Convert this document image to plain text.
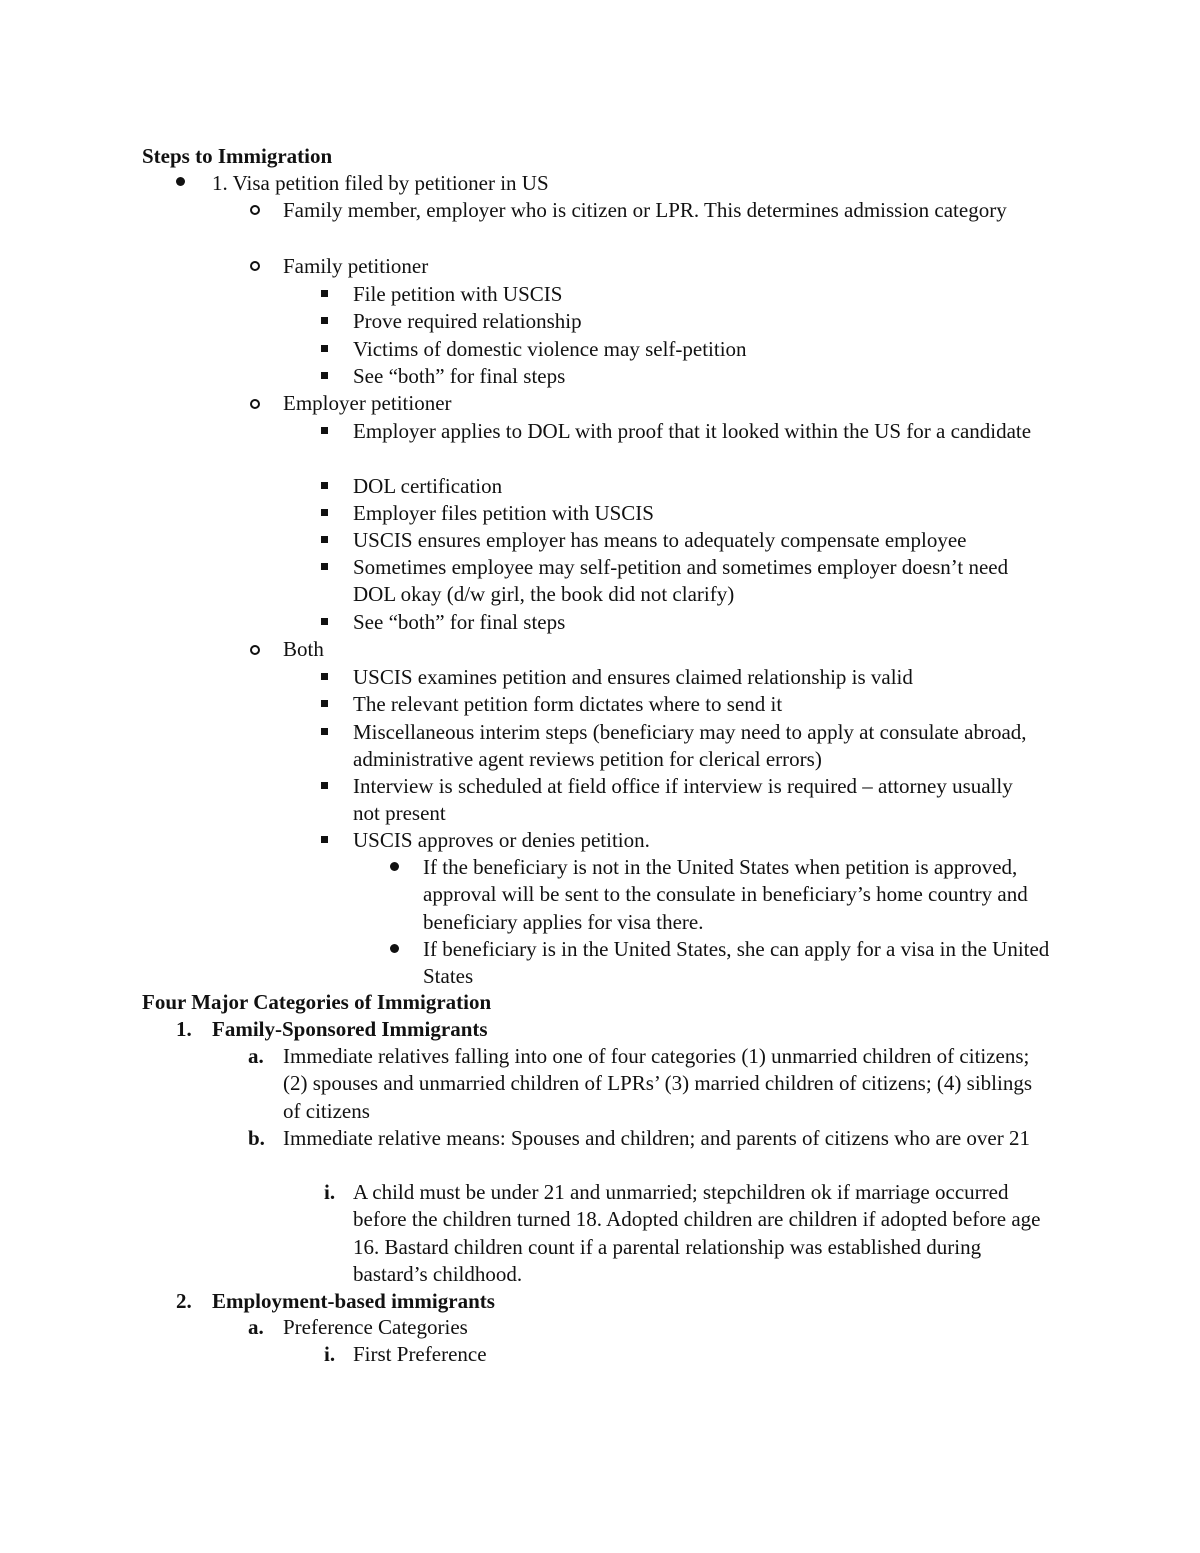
Steps to Immigration
1. Visa petition filed by petitioner in US
Family member, employer who is citizen or LPR. This determines admission category
Family petitioner
File petition with USCIS
Prove required relationship
Victims of domestic violence may self-petition
See “both” for final steps
Employer petitioner
Employer applies to DOL with proof that it looked within the US for a candidate
DOL certification
Employer files petition with USCIS
USCIS ensures employer has means to adequately compensate employee
Sometimes employee may self-petition and sometimes employer doesn’t need DOL okay (d/w girl, the book did not clarify)
See “both” for final steps
Both
USCIS examines petition and ensures claimed relationship is valid
The relevant petition form dictates where to send it
Miscellaneous interim steps (beneficiary may need to apply at consulate abroad, administrative agent reviews petition for clerical errors)
Interview is scheduled at field office if interview is required – attorney usually not present
USCIS approves or denies petition.
If the beneficiary is not in the United States when petition is approved, approval will be sent to the consulate in beneficiary’s home country and beneficiary applies for visa there.
If beneficiary is in the United States, she can apply for a visa in the United States
Four Major Categories of Immigration
1. Family-Sponsored Immigrants
a. Immediate relatives falling into one of four categories (1) unmarried children of citizens; (2) spouses and unmarried children of LPRs’ (3) married children of citizens; (4) siblings of citizens
b. Immediate relative means: Spouses and children; and parents of citizens who are over 21
i. A child must be under 21 and unmarried; stepchildren ok if marriage occurred before the children turned 18. Adopted children are children if adopted before age 16. Bastard children count if a parental relationship was established during bastard’s childhood.
2. Employment-based immigrants
a. Preference Categories
i. First Preference
